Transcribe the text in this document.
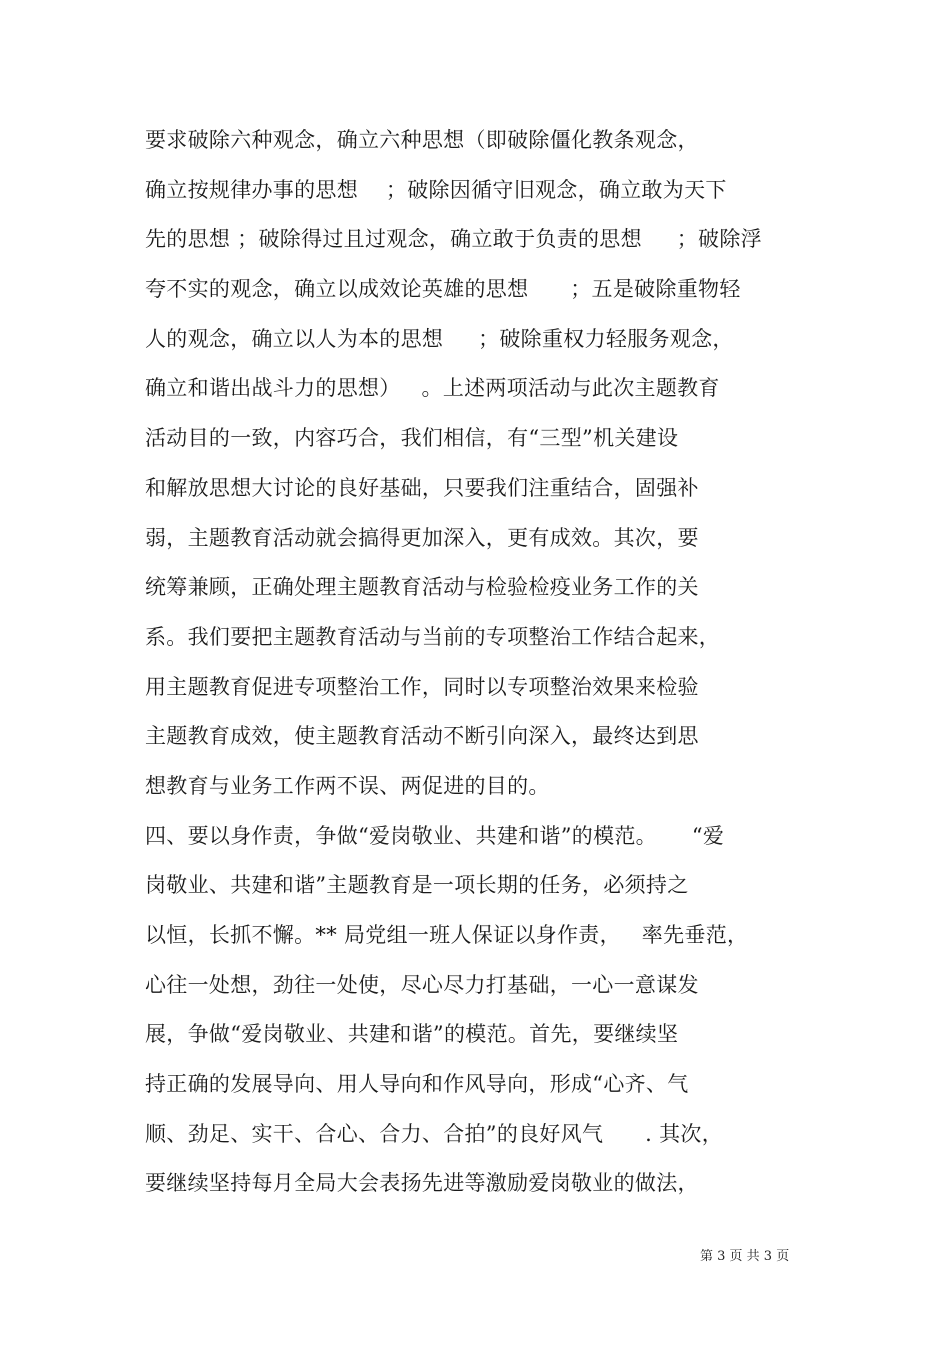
要求破除六种观念，确立六种思想（即破除僵化教条观念，
确立按规律办事的思想    ；破除因循守旧观念，确立敢为天下
先的思想 ；破除得过且过观念，确立敢于负责的思想     ；破除浮
夸不实的观念，确立以成效论英雄的思想      ；五是破除重物轻
人的观念，确立以人为本的思想     ；破除重权力轻服务观念，
确立和谐出战斗力的思想）   。上述两项活动与此次主题教育
活动目的一致，内容巧合，我们相信，有“三型”机关建设
和解放思想大讨论的良好基础，只要我们注重结合，固强补
弱，主题教育活动就会搞得更加深入，更有成效。其次，要
统筹兼顾，正确处理主题教育活动与检验检疫业务工作的关
系。我们要把主题教育活动与当前的专项整治工作结合起来，
用主题教育促进专项整治工作，同时以专项整治效果来检验
主题教育成效，使主题教育活动不断引向深入，最终达到思
想教育与业务工作两不误、两促进的目的。
四、要以身作责，争做“爱岗敬业、共建和谐”的模范。     “爱
岗敬业、共建和谐”主题教育是一项长期的任务，必须持之
以恒，长抓不懈。** 局党组一班人保证以身作责，   率先垂范，
心往一处想，劲往一处使，尽心尽力打基础，一心一意谋发
展，争做“爱岗敬业、共建和谐”的模范。首先，要继续坚
持正确的发展导向、用人导向和作风导向，形成“心齐、气
顺、劲足、实干、合心、合力、合拍”的良好风气      . 其次，
要继续坚持每月全局大会表扬先进等激励爱岗敬业的做法，
第 3 页 共 3 页
